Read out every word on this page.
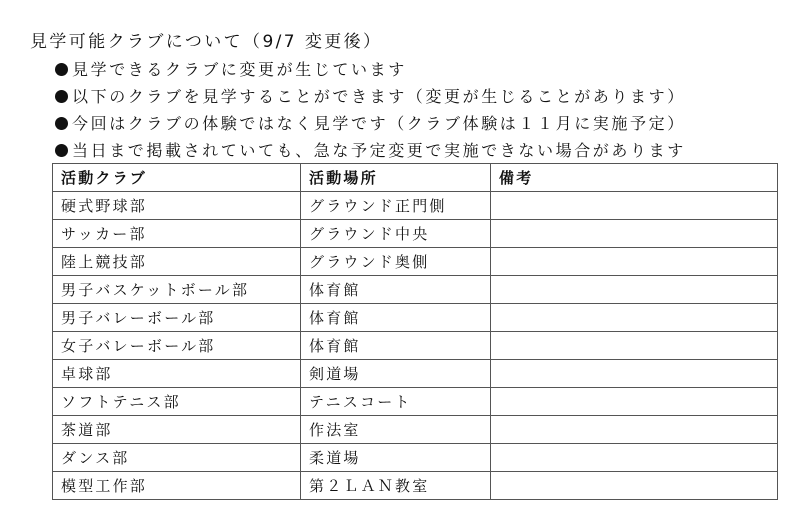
見学可能クラブについて（9/7 変更後）
見学できるクラブに変更が生じています
以下のクラブを見学することができます（変更が生じることがあります）
今回はクラブの体験ではなく見学です（クラブ体験は１１月に実施予定）
当日まで掲載されていても、急な予定変更で実施できない場合があります
活動クラブ	活動場所	備考
硬式野球部	グラウンド正門側	
サッカー部	グラウンド中央	
陸上競技部	グラウンド奥側	
男子バスケットボール部	体育館	
男子バレーボール部	体育館	
女子バレーボール部	体育館	
卓球部	剣道場	
ソフトテニス部	テニスコート	
茶道部	作法室	
ダンス部	柔道場	
模型工作部	第２ＬＡＮ教室	
